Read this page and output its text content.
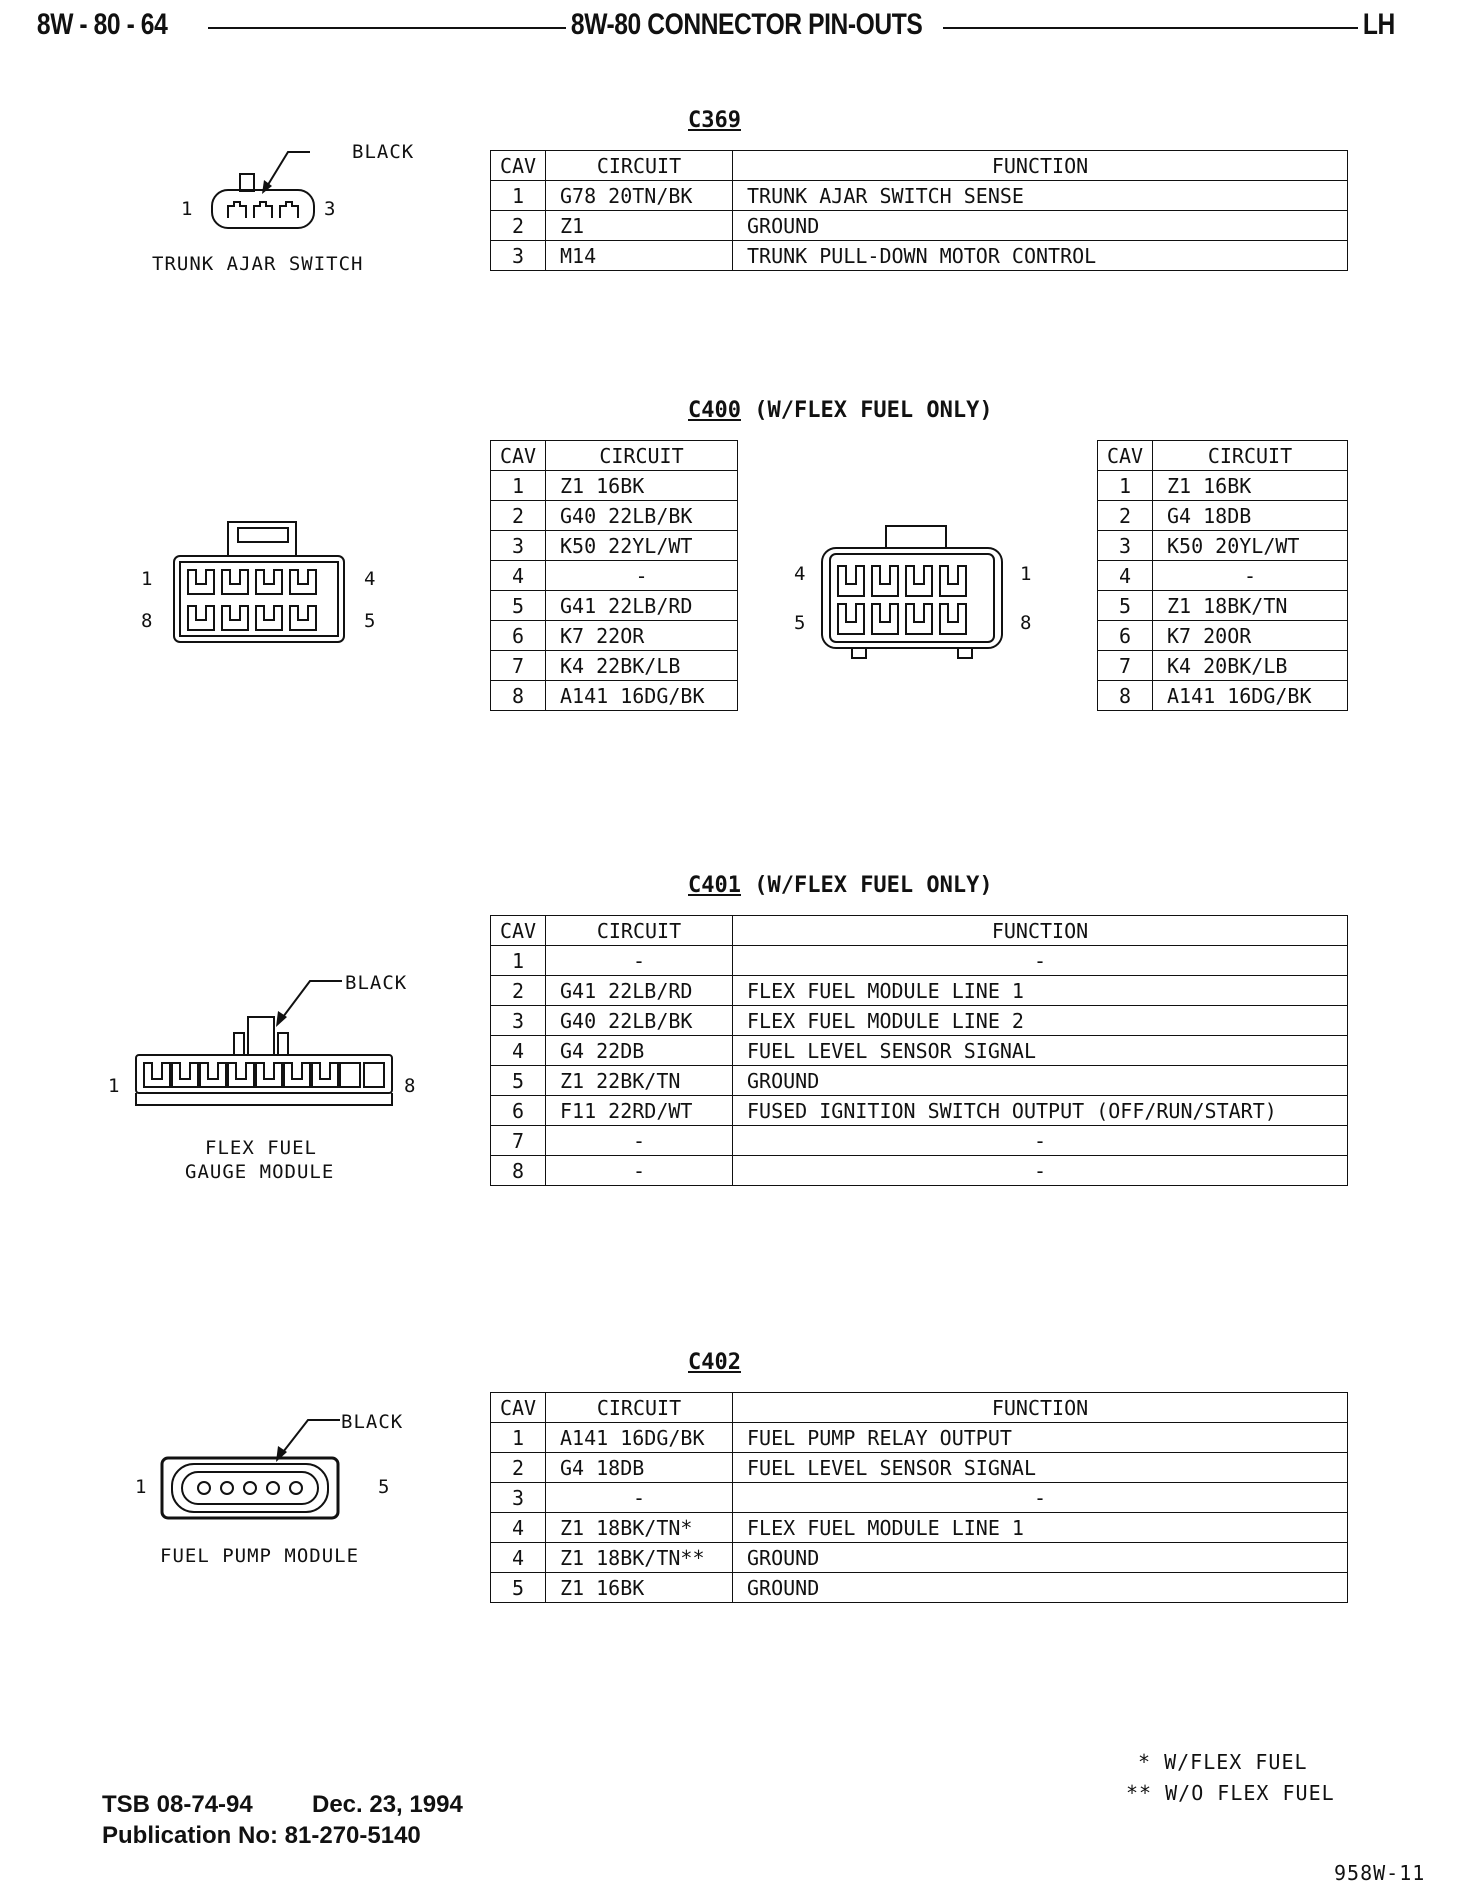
8W - 80 - 64	8W-80 CONNECTOR PIN-OUTS	LH
C369
BLACK
1	3
TRUNK AJAR SWITCH
CAV	CIRCUIT	FUNCTION
1	G78 20TN/BK	TRUNK AJAR SWITCH SENSE
2	Z1	GROUND
3	M14	TRUNK PULL-DOWN MOTOR CONTROL
C400 (W/FLEX FUEL ONLY)
1	4
8	5
CAV	CIRCUIT
1	Z1 16BK
2	G40 22LB/BK
3	K50 22YL/WT
4	-
5	G41 22LB/RD
6	K7 22OR
7	K4 22BK/LB
8	A141 16DG/BK
4	1
5	8
CAV	CIRCUIT
1	Z1 16BK
2	G4 18DB
3	K50 20YL/WT
4	-
5	Z1 18BK/TN
6	K7 20OR
7	K4 20BK/LB
8	A141 16DG/BK
C401 (W/FLEX FUEL ONLY)
BLACK
1	8
FLEX FUEL
GAUGE MODULE
CAV	CIRCUIT	FUNCTION
1	-	-
2	G41 22LB/RD	FLEX FUEL MODULE LINE 1
3	G40 22LB/BK	FLEX FUEL MODULE LINE 2
4	G4 22DB	FUEL LEVEL SENSOR SIGNAL
5	Z1 22BK/TN	GROUND
6	F11 22RD/WT	FUSED IGNITION SWITCH OUTPUT (OFF/RUN/START)
7	-	-
8	-	-
C402
BLACK
1	5
FUEL PUMP MODULE
CAV	CIRCUIT	FUNCTION
1	A141 16DG/BK	FUEL PUMP RELAY OUTPUT
2	G4 18DB	FUEL LEVEL SENSOR SIGNAL
3	-	-
4	Z1 18BK/TN*	FLEX FUEL MODULE LINE 1
4	Z1 18BK/TN**	GROUND
5	Z1 16BK	GROUND
* W/FLEX FUEL
** W/O FLEX FUEL
TSB 08-74-94 Dec. 23, 1994
Publication No: 81-270-5140
958W-11
